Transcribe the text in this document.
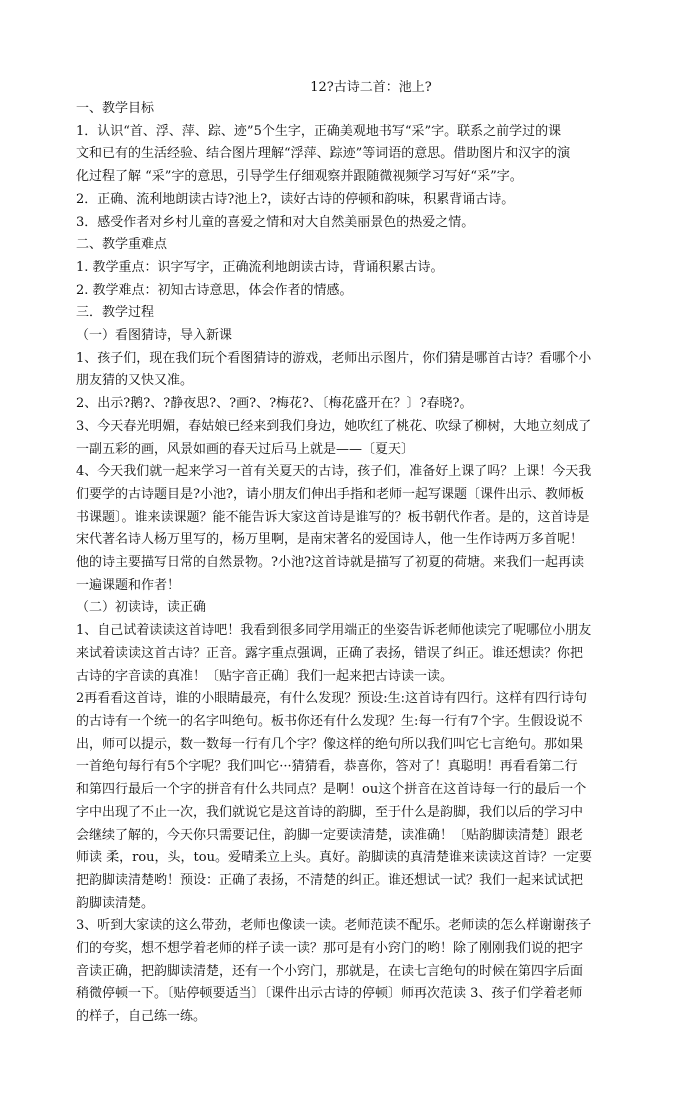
12?古诗二首：池上?
一、教学目标
1．认识“首、浮、萍、踪、迹”5个生字，正确美观地书写“采”字。联系之前学过的课
文和已有的生活经验、结合图片理解“浮萍、踪迹”等词语的意思。借助图片和汉字的演
化过程了解 “采”字的意思，引导学生仔细观察并跟随微视频学习写好“采”字。
2．正确、流利地朗读古诗?池上?，读好古诗的停顿和韵味，积累背诵古诗。
3．感受作者对乡村儿童的喜爱之情和对大自然美丽景色的热爱之情。
二、教学重难点
1. 教学重点：识字写字，正确流利地朗读古诗，背诵积累古诗。
2. 教学难点：初知古诗意思，体会作者的情感。
三．教学过程
（一）看图猜诗，导入新课
1、孩子们，现在我们玩个看图猜诗的游戏，老师出示图片，你们猜是哪首古诗？看哪个小
朋友猜的又快又准。
2、出示?鹅?、?静夜思?、?画?、?梅花?、〔梅花盛开在？〕?春晓?。
3、今天春光明媚，春姑娘已经来到我们身边，她吹红了桃花、吹绿了柳树，大地立刻成了
一副五彩的画，风景如画的春天过后马上就是——〔夏天〕
4、今天我们就一起来学习一首有关夏天的古诗，孩子们，准备好上课了吗？上课！今天我
们要学的古诗题目是?小池?，请小朋友们伸出手指和老师一起写课题〔课件出示、教师板
书课题〕。谁来读课题？能不能告诉大家这首诗是谁写的？板书朝代作者。是的，这首诗是
宋代著名诗人杨万里写的，杨万里啊，是南宋著名的爱国诗人，他一生作诗两万多首呢！
他的诗主要描写日常的自然景物。?小池?这首诗就是描写了初夏的荷塘。来我们一起再读
一遍课题和作者！
（二）初读诗，读正确
1、自己试着读读这首诗吧！我看到很多同学用端正的坐姿告诉老师他读完了呢哪位小朋友
来试着读读这首古诗？正音。露字重点强调，正确了表扬，错误了纠正。谁还想读？你把
古诗的字音读的真准！〔贴字音正确〕我们一起来把古诗读一读。
2再看看这首诗，谁的小眼睛最亮，有什么发现？预设:生:这首诗有四行。这样有四行诗句
的古诗有一个统一的名字叫绝句。板书你还有什么发现？生:每一行有7个字。生假设说不
出，师可以提示，数一数每一行有几个字？像这样的绝句所以我们叫它七言绝句。那如果
一首绝句每行有5个字呢？我们叫它···猜猜看，恭喜你，答对了！真聪明！再看看第二行
和第四行最后一个字的拼音有什么共同点？是啊！ou这个拼音在这首诗每一行的最后一个
字中出现了不止一次，我们就说它是这首诗的韵脚，至于什么是韵脚，我们以后的学习中
会继续了解的，今天你只需要记住，韵脚一定要读清楚，读准确！〔贴韵脚读清楚〕跟老
师读 柔，rou，头，tou。爱晴柔立上头。真好。韵脚读的真清楚谁来读读这首诗？一定要
把韵脚读清楚哟！预设：正确了表扬，不清楚的纠正。谁还想试一试？我们一起来试试把
韵脚读清楚。
3、听到大家读的这么带劲，老师也像读一读。老师范读不配乐。老师读的怎么样谢谢孩子
们的夸奖，想不想学着老师的样子读一读？那可是有小窍门的哟！除了刚刚我们说的把字
音读正确，把韵脚读清楚，还有一个小窍门，那就是，在读七言绝句的时候在第四字后面
稍微停顿一下。〔贴停顿要适当〕〔课件出示古诗的停顿〕师再次范读 3、孩子们学着老师
的样子，自己练一练。
